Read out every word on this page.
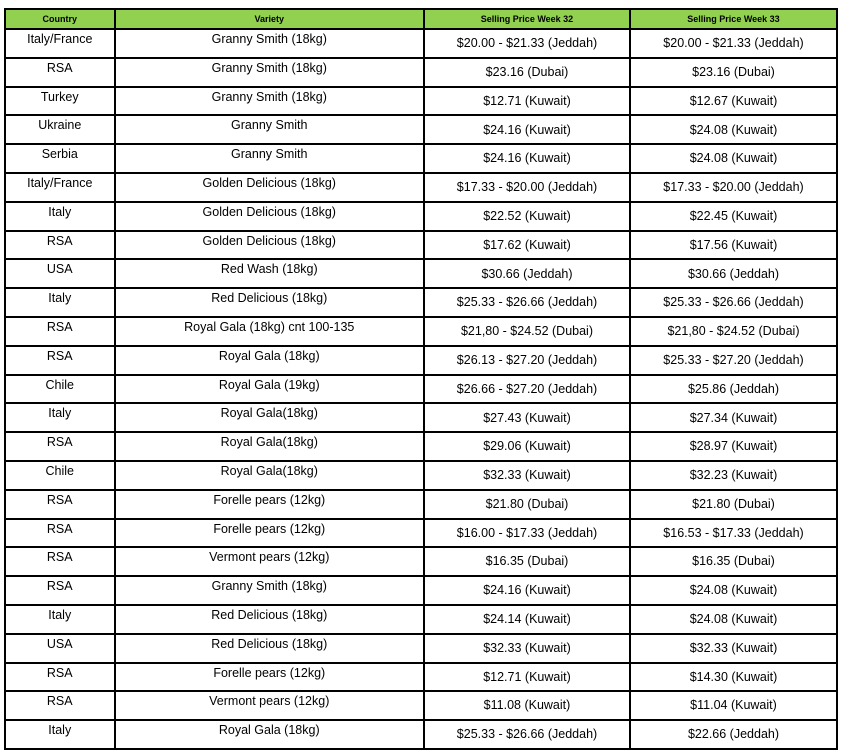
Country	Variety	Selling Price Week 32	Selling Price Week 33
Italy/France	Granny Smith (18kg)	$20.00 - $21.33 (Jeddah)	$20.00 - $21.33 (Jeddah)
RSA	Granny Smith (18kg)	$23.16 (Dubai)	$23.16 (Dubai)
Turkey	Granny Smith (18kg)	$12.71 (Kuwait)	$12.67 (Kuwait)
Ukraine	Granny Smith	$24.16 (Kuwait)	$24.08 (Kuwait)
Serbia	Granny Smith	$24.16 (Kuwait)	$24.08 (Kuwait)
Italy/France	Golden Delicious (18kg)	$17.33 - $20.00 (Jeddah)	$17.33 - $20.00 (Jeddah)
Italy	Golden Delicious (18kg)	$22.52 (Kuwait)	$22.45 (Kuwait)
RSA	Golden Delicious (18kg)	$17.62 (Kuwait)	$17.56 (Kuwait)
USA	Red Wash (18kg)	$30.66 (Jeddah)	$30.66 (Jeddah)
Italy	Red Delicious (18kg)	$25.33 - $26.66 (Jeddah)	$25.33 - $26.66 (Jeddah)
RSA	Royal Gala (18kg) cnt 100-135	$21,80 - $24.52 (Dubai)	$21,80 - $24.52 (Dubai)
RSA	Royal Gala (18kg)	$26.13 - $27.20 (Jeddah)	$25.33 - $27.20 (Jeddah)
Chile	Royal Gala (19kg)	$26.66 - $27.20 (Jeddah)	$25.86 (Jeddah)
Italy	Royal Gala(18kg)	$27.43 (Kuwait)	$27.34 (Kuwait)
RSA	Royal Gala(18kg)	$29.06 (Kuwait)	$28.97 (Kuwait)
Chile	Royal Gala(18kg)	$32.33 (Kuwait)	$32.23 (Kuwait)
RSA	Forelle pears (12kg)	$21.80 (Dubai)	$21.80 (Dubai)
RSA	Forelle pears (12kg)	$16.00 - $17.33 (Jeddah)	$16.53 - $17.33 (Jeddah)
RSA	Vermont pears (12kg)	$16.35 (Dubai)	$16.35 (Dubai)
RSA	Granny Smith (18kg)	$24.16 (Kuwait)	$24.08 (Kuwait)
Italy	Red Delicious (18kg)	$24.14 (Kuwait)	$24.08 (Kuwait)
USA	Red Delicious (18kg)	$32.33 (Kuwait)	$32.33 (Kuwait)
RSA	Forelle pears (12kg)	$12.71 (Kuwait)	$14.30 (Kuwait)
RSA	Vermont pears (12kg)	$11.08 (Kuwait)	$11.04 (Kuwait)
Italy	Royal Gala (18kg)	$25.33 - $26.66 (Jeddah)	$22.66 (Jeddah)
